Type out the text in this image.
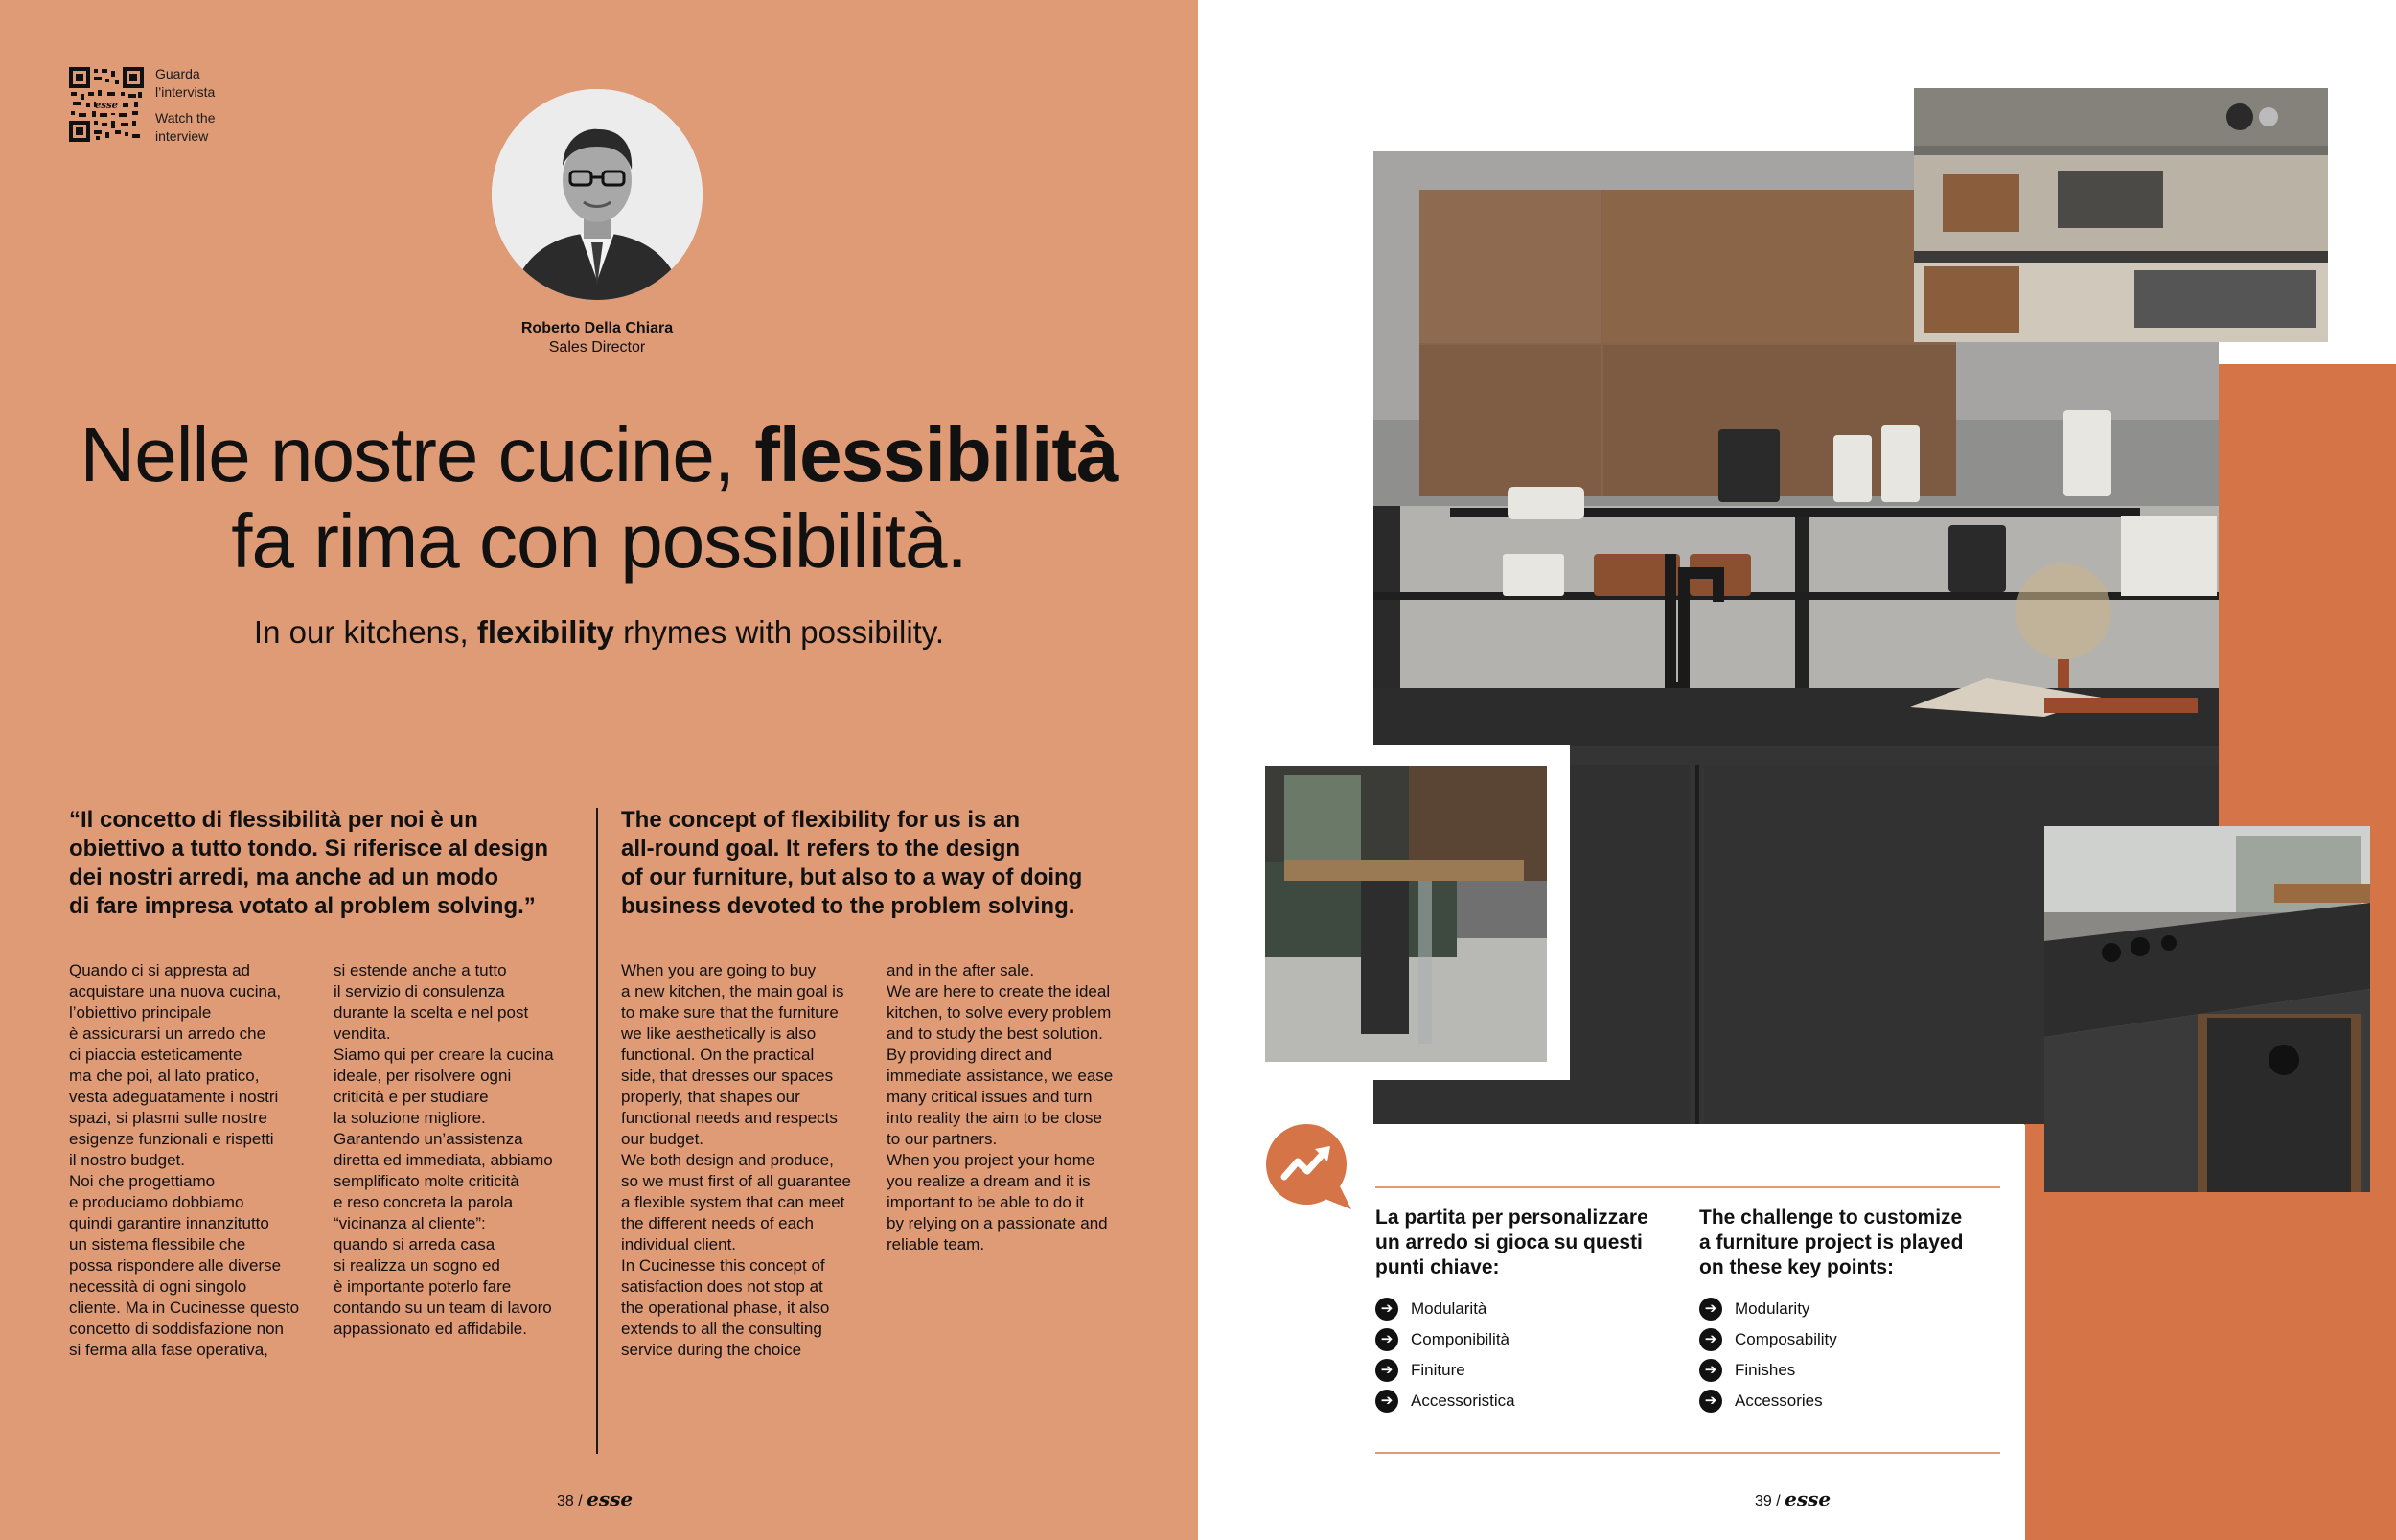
esse
Guarda
l’intervista
Watch the
interview
Roberto Della Chiara
Sales Director
Nelle nostre cucine, flessibilità
fa rima con possibilità.
In our kitchens, flexibility rhymes with possibility.
“Il concetto di flessibilità per noi è un
obiettivo a tutto tondo. Si riferisce al design
dei nostri arredi, ma anche ad un modo
di fare impresa votato al problem solving.”
The concept of flexibility for us is an
all-round goal. It refers to the design
of our furniture, but also to a way of doing
business devoted to the problem solving.
Quando ci si appresta ad
acquistare una nuova cucina,
l’obiettivo principale
è assicurarsi un arredo che
ci piaccia esteticamente
ma che poi, al lato pratico,
vesta adeguatamente i nostri
spazi, si plasmi sulle nostre
esigenze funzionali e rispetti
il nostro budget.
Noi che progettiamo
e produciamo dobbiamo
quindi garantire innanzitutto
un sistema flessibile che
possa rispondere alle diverse
necessità di ogni singolo
cliente. Ma in Cucinesse questo
concetto di soddisfazione non
si ferma alla fase operativa,
si estende anche a tutto
il servizio di consulenza
durante la scelta e nel post
vendita.
Siamo qui per creare la cucina
ideale, per risolvere ogni
criticità e per studiare
la soluzione migliore.
Garantendo un’assistenza
diretta ed immediata, abbiamo
semplificato molte criticità
e reso concreta la parola
“vicinanza al cliente”:
quando si arreda casa
si realizza un sogno ed
è importante poterlo fare
contando su un team di lavoro
appassionato ed affidabile.
When you are going to buy
a new kitchen, the main goal is
to make sure that the furniture
we like aesthetically is also
functional. On the practical
side, that dresses our spaces
properly, that shapes our
functional needs and respects
our budget.
We both design and produce,
so we must first of all guarantee
a flexible system that can meet
the different needs of each
individual client.
In Cucinesse this concept of
satisfaction does not stop at
the operational phase, it also
extends to all the consulting
service during the choice
and in the after sale.
We are here to create the ideal
kitchen, to solve every problem
and to study the best solution.
By providing direct and
immediate assistance, we ease
many critical issues and turn
into reality the aim to be close
to our partners.
When you project your home
you realize a dream and it is
important to be able to do it
by relying on a passionate and
reliable team.
38 / esse
La partita per personalizzare
un arredo si gioca su questi
punti chiave:
The challenge to customize
a furniture project is played
on these key points:
➔	Modularità
➔	Componibilità
➔	Finiture
➔	Accessoristica
➔	Modularity
➔	Composability
➔	Finishes
➔	Accessories
39 / esse
